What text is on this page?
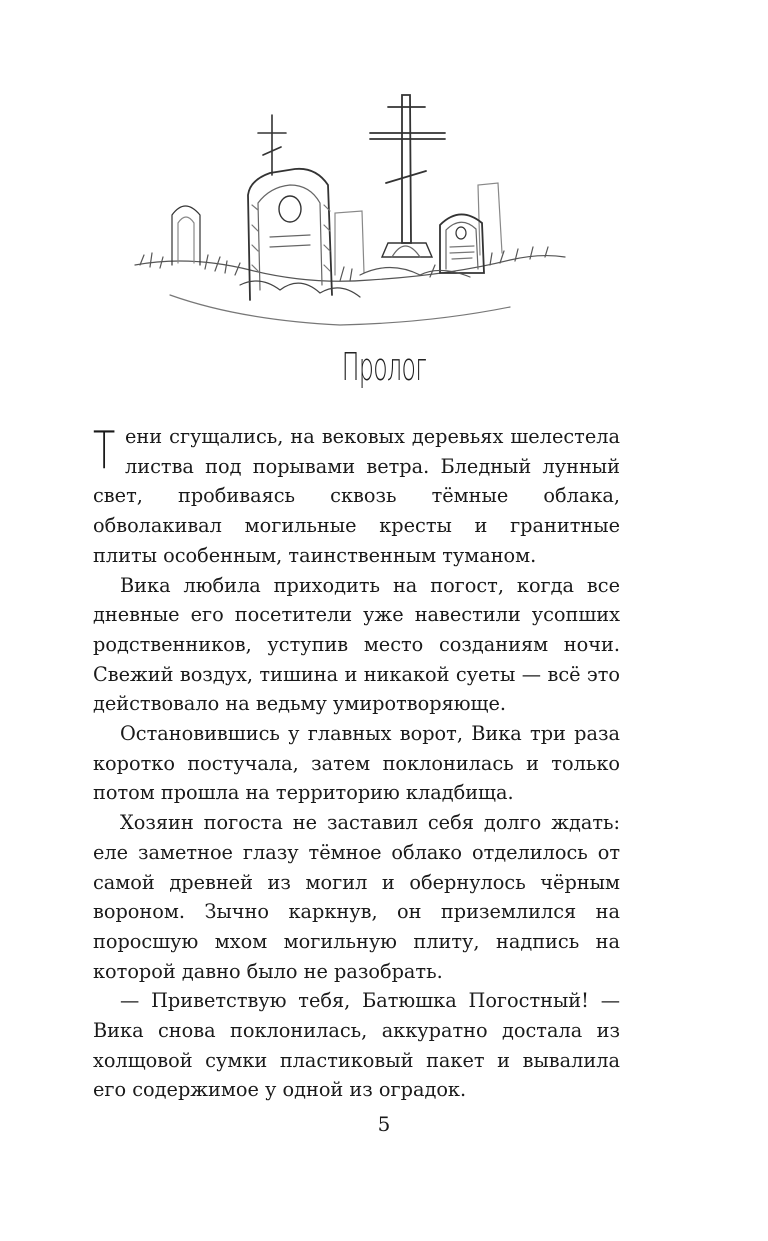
Пролог

Тени сгущались, на вековых деревьях шелестела листва под порывами ветра. Бледный лунный свет, пробиваясь сквозь тёмные облака, обволакивал могильные кресты и гранитные плиты особенным, таинственным туманом.

Вика любила приходить на погост, когда все дневные его посетители уже навестили усопших родственников, уступив место созданиям ночи. Свежий воздух, тишина и никакой суеты — всё это действовало на ведьму умиротворяюще.

Остановившись у главных ворот, Вика три раза коротко постучала, затем поклонилась и только потом прошла на территорию кладбища.

Хозяин погоста не заставил себя долго ждать: еле заметное глазу тёмное облако отделилось от самой древней из могил и обернулось чёрным вороном. Зычно каркнув, он приземлился на поросшую мхом могильную плиту, надпись на которой давно было не разобрать.

— Приветствую тебя, Батюшка Погостный! — Вика снова поклонилась, аккуратно достала из холщовой сумки пластиковый пакет и вывалила его содержимое у одной из оградок.

5
